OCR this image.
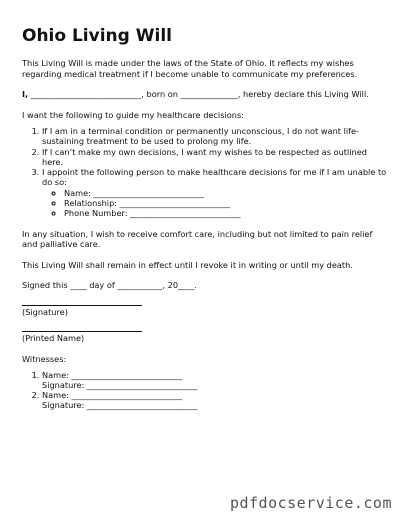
Ohio Living Will

This Living Will is made under the laws of the State of Ohio. It reflects my wishes regarding medical treatment if I become unable to communicate my preferences.

I, ___________________________, born on ______________, hereby declare this Living Will.

I want the following to guide my healthcare decisions:

1. If I am in a terminal condition or permanently unconscious, I do not want life-sustaining treatment to be used to prolong my life.
2. If I can’t make my own decisions, I want my wishes to be respected as outlined here.
3. I appoint the following person to make healthcare decisions for me if I am unable to do so:
◦ Name: ___________________________
◦ Relationship: ___________________________
◦ Phone Number: ___________________________

In any situation, I wish to receive comfort care, including but not limited to pain relief and palliative care.

This Living Will shall remain in effect until I revoke it in writing or until my death.

Signed this ____ day of ___________, 20____.

(Signature)
(Printed Name)

Witnesses:

1. Name: ___________________________
Signature: ___________________________
2. Name: ___________________________
Signature: ___________________________
pdfdocservice.com
